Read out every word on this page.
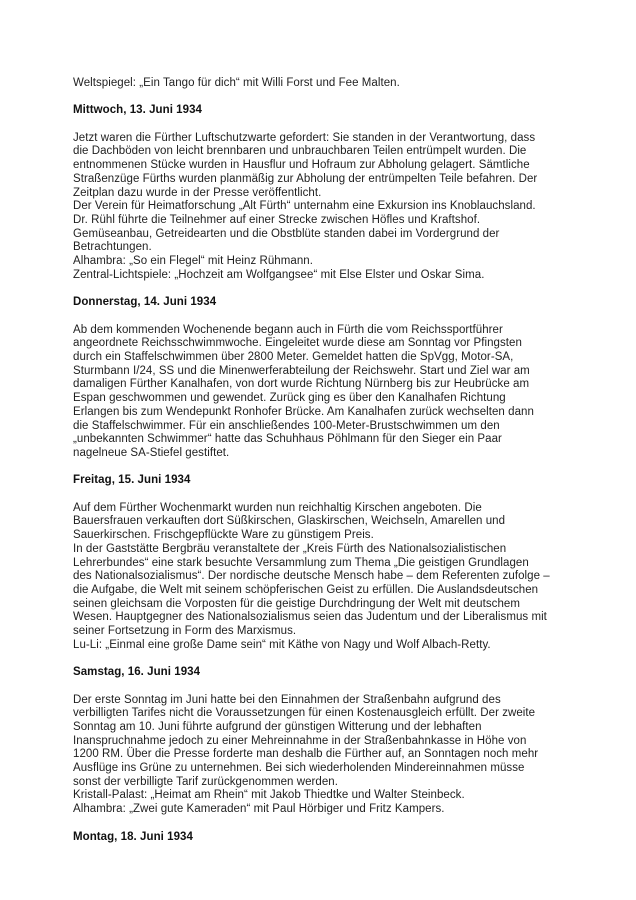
Weltspiegel: „Ein Tango für dich“ mit Willi Forst und Fee Malten.
Mittwoch, 13. Juni 1934
Jetzt waren die Fürther Luftschutzwarte gefordert: Sie standen in der Verantwortung, dass
die Dachböden von leicht brennbaren und unbrauchbaren Teilen entrümpelt wurden. Die
entnommenen Stücke wurden in Hausflur und Hofraum zur Abholung gelagert. Sämtliche
Straßenzüge Fürths wurden planmäßig zur Abholung der entrümpelten Teile befahren. Der
Zeitplan dazu wurde in der Presse veröffentlicht.
Der Verein für Heimatforschung „Alt Fürth“ unternahm eine Exkursion ins Knoblauchsland.
Dr. Rühl führte die Teilnehmer auf einer Strecke zwischen Höfles und Kraftshof.
Gemüseanbau, Getreidearten und die Obstblüte standen dabei im Vordergrund der
Betrachtungen.
Alhambra: „So ein Flegel“ mit Heinz Rühmann.
Zentral-Lichtspiele: „Hochzeit am Wolfgangsee“ mit Else Elster und Oskar Sima.
Donnerstag, 14. Juni 1934
Ab dem kommenden Wochenende begann auch in Fürth die vom Reichssportführer
angeordnete Reichsschwimmwoche. Eingeleitet wurde diese am Sonntag vor Pfingsten
durch ein Staffelschwimmen über 2800 Meter. Gemeldet hatten die SpVgg, Motor-SA,
Sturmbann I/24, SS und die Minenwerferabteilung der Reichswehr. Start und Ziel war am
damaligen Fürther Kanalhafen, von dort wurde Richtung Nürnberg bis zur Heubrücke am
Espan geschwommen und gewendet. Zurück ging es über den Kanalhafen Richtung
Erlangen bis zum Wendepunkt Ronhofer Brücke. Am Kanalhafen zurück wechselten dann
die Staffelschwimmer. Für ein anschließendes 100-Meter-Brustschwimmen um den
„unbekannten Schwimmer“ hatte das Schuhhaus Pöhlmann für den Sieger ein Paar
nagelneue SA-Stiefel gestiftet.
Freitag, 15. Juni 1934
Auf dem Fürther Wochenmarkt wurden nun reichhaltig Kirschen angeboten. Die
Bauersfrauen verkauften dort Süßkirschen, Glaskirschen, Weichseln, Amarellen und
Sauerkirschen. Frischgepflückte Ware zu günstigem Preis.
In der Gaststätte Bergbräu veranstaltete der „Kreis Fürth des Nationalsozialistischen
Lehrerbundes“ eine stark besuchte Versammlung zum Thema „Die geistigen Grundlagen
des Nationalsozialismus“. Der nordische deutsche Mensch habe – dem Referenten zufolge –
die Aufgabe, die Welt mit seinem schöpferischen Geist zu erfüllen. Die Auslandsdeutschen
seinen gleichsam die Vorposten für die geistige Durchdringung der Welt mit deutschem
Wesen. Hauptgegner des Nationalsozialismus seien das Judentum und der Liberalismus mit
seiner Fortsetzung in Form des Marxismus.
Lu-Li: „Einmal eine große Dame sein“ mit Käthe von Nagy und Wolf Albach-Retty.
Samstag, 16. Juni 1934
Der erste Sonntag im Juni hatte bei den Einnahmen der Straßenbahn aufgrund des
verbilligten Tarifes nicht die Voraussetzungen für einen Kostenausgleich erfüllt. Der zweite
Sonntag am 10. Juni führte aufgrund der günstigen Witterung und der lebhaften
Inanspruchnahme jedoch zu einer Mehreinnahme in der Straßenbahnkasse in Höhe von
1200 RM. Über die Presse forderte man deshalb die Fürther auf, an Sonntagen noch mehr
Ausflüge ins Grüne zu unternehmen. Bei sich wiederholenden Mindereinnahmen müsse
sonst der verbilligte Tarif zurückgenommen werden.
Kristall-Palast: „Heimat am Rhein“ mit Jakob Thiedtke und Walter Steinbeck.
Alhambra: „Zwei gute Kameraden“ mit Paul Hörbiger und Fritz Kampers.
Montag, 18. Juni 1934
